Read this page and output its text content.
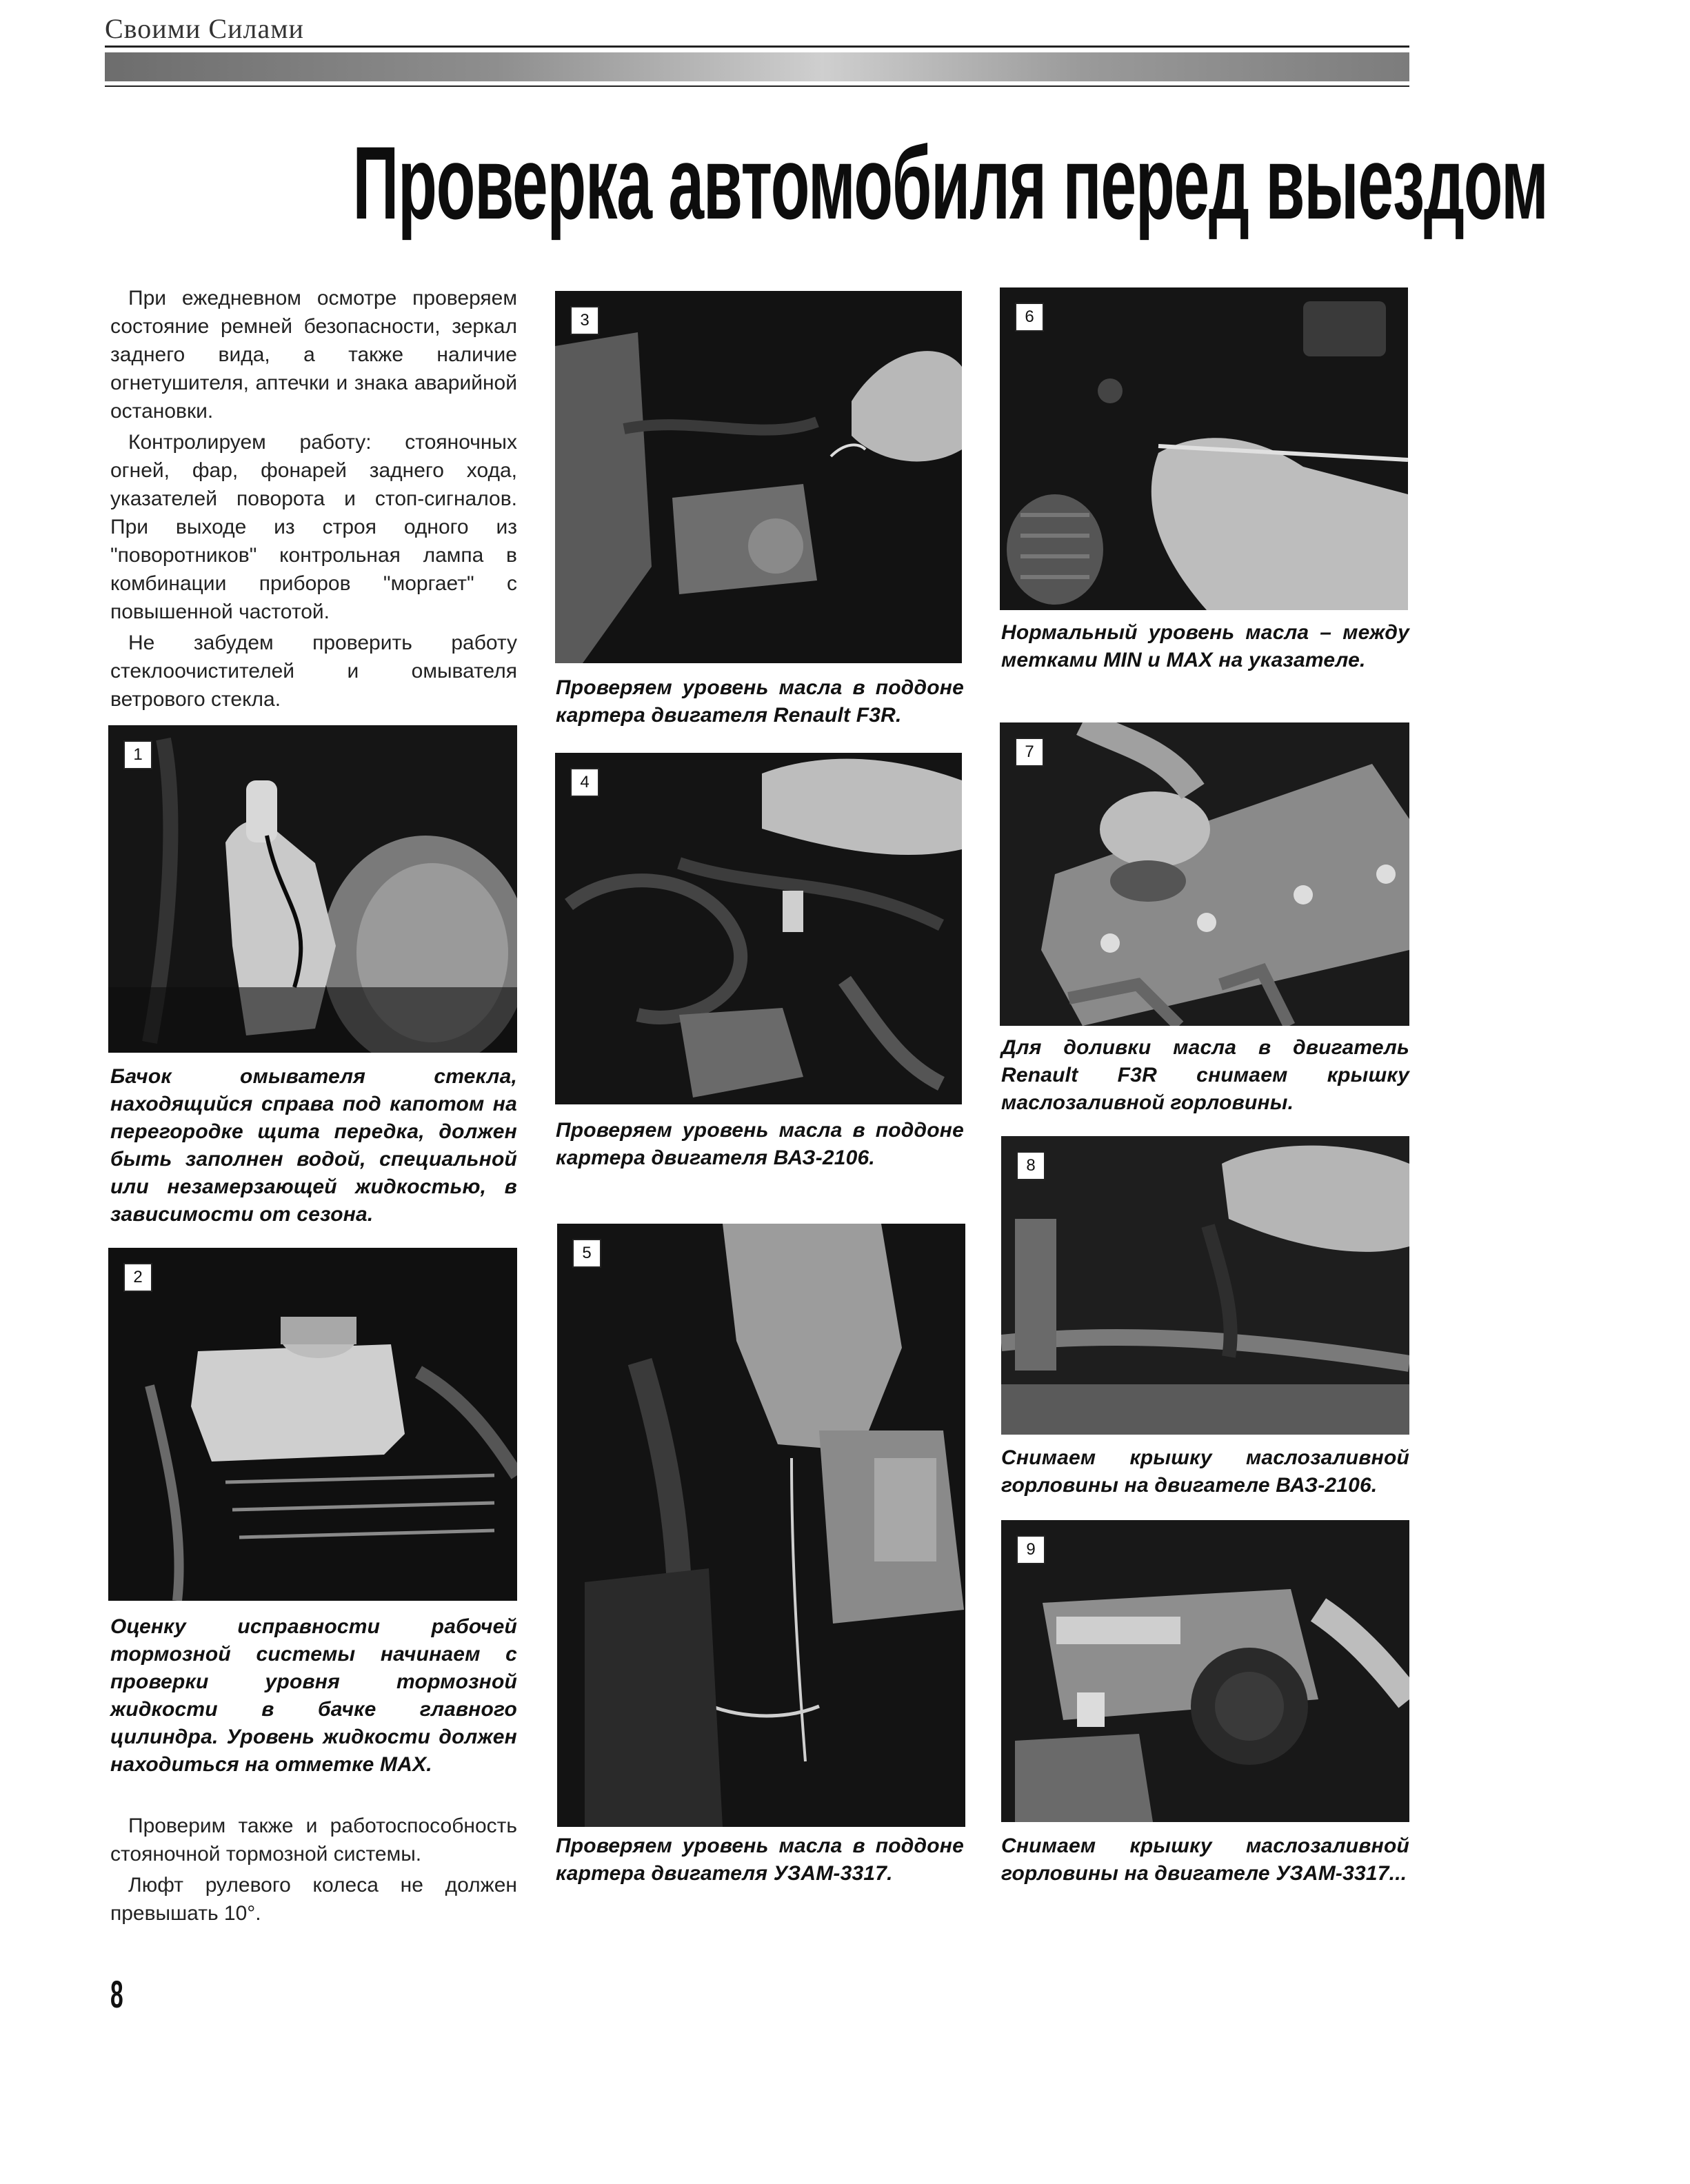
Своими Силами
Проверка автомобиля перед выездом

При ежедневном осмотре проверяем состояние ремней безопасности, зеркал заднего вида, а также наличие огнетушителя, аптечки и знака аварийной остановки.

Контролируем работу: стояночных огней, фар, фонарей заднего хода, указателей поворота и стоп-сигналов. При выходе из строя одного из "поворотников" контрольная лампа в комбинации приборов "моргает" с повышенной частотой.

Не забудем проверить работу стеклоочистителей и омывателя ветрового стекла.

1
Бачок омывателя стекла, находящийся справа под капотом на перегородке щита передка, должен быть заполнен водой, специальной или незамерзающей жидкостью, в зависимости от сезона.
2
Оценку исправности рабочей тормозной системы начинаем с проверки уровня тормозной жидкости в бачке главного цилиндра. Уровень жидкости должен находиться на отметке MAX.

Проверим также и работоспособность стояночной тормозной системы.

Люфт рулевого колеса не должен превышать 10°.

3
Проверяем уровень масла в поддоне картера двигателя Renault F3R.
4
Проверяем уровень масла в поддоне картера двигателя ВАЗ-2106.
5
Проверяем уровень масла в поддоне картера двигателя УЗАМ-3317.
6
Нормальный уровень масла – между метками MIN и MAX на указателе.
7
Для доливки масла в двигатель Renault F3R снимаем крышку маслозаливной горловины.
8
Снимаем крышку маслозаливной горловины на двигателе ВАЗ-2106.
9
Снимаем крышку маслозаливной горловины на двигателе УЗАМ-3317...
8
